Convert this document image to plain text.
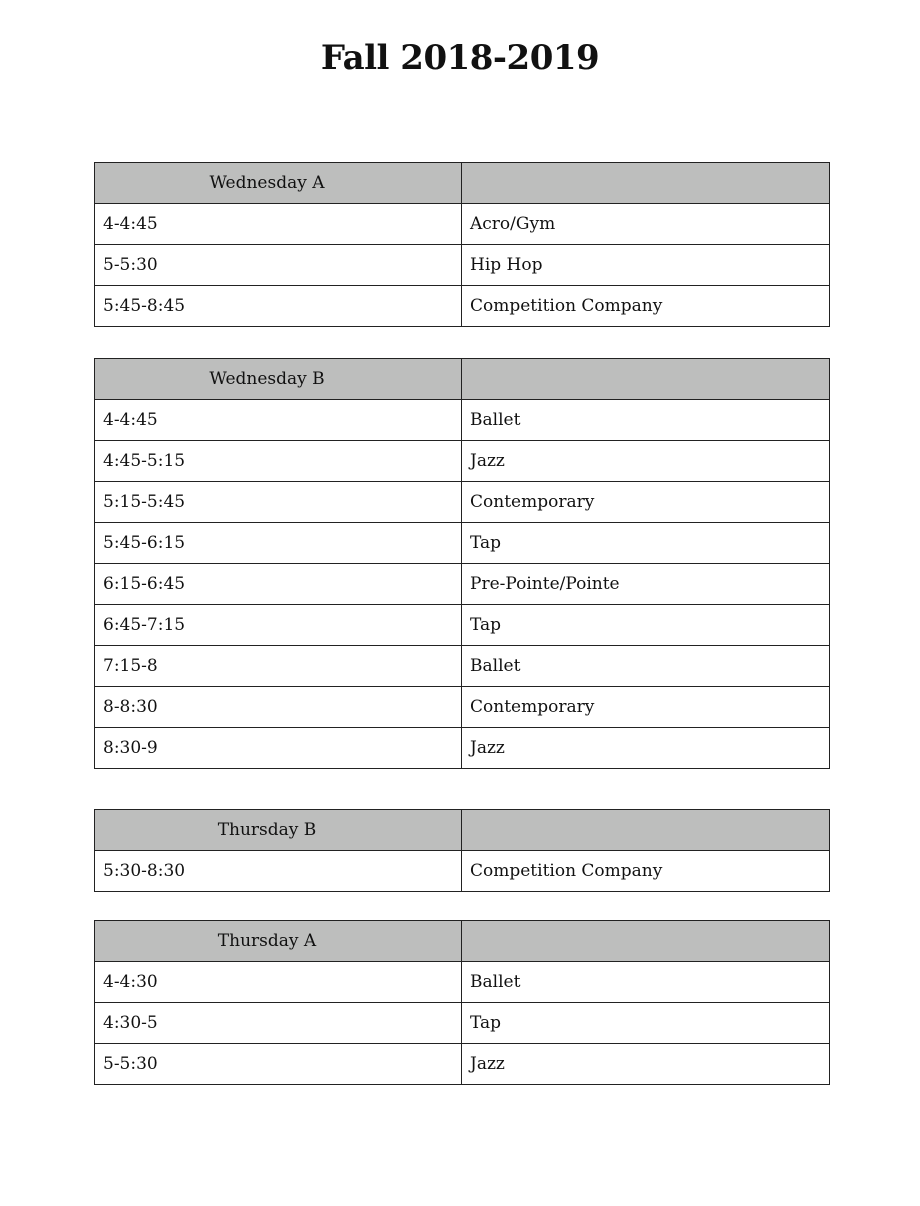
Fall 2018-2019
Wednesday A	
4-4:45	Acro/Gym
5-5:30	Hip Hop
5:45-8:45	Competition Company
Wednesday B	
4-4:45	Ballet
4:45-5:15	Jazz
5:15-5:45	Contemporary
5:45-6:15	Tap
6:15-6:45	Pre-Pointe/Pointe
6:45-7:15	Tap
7:15-8	Ballet
8-8:30	Contemporary
8:30-9	Jazz
Thursday B	
5:30-8:30	Competition Company
Thursday A	
4-4:30	Ballet
4:30-5	Tap
5-5:30	Jazz
